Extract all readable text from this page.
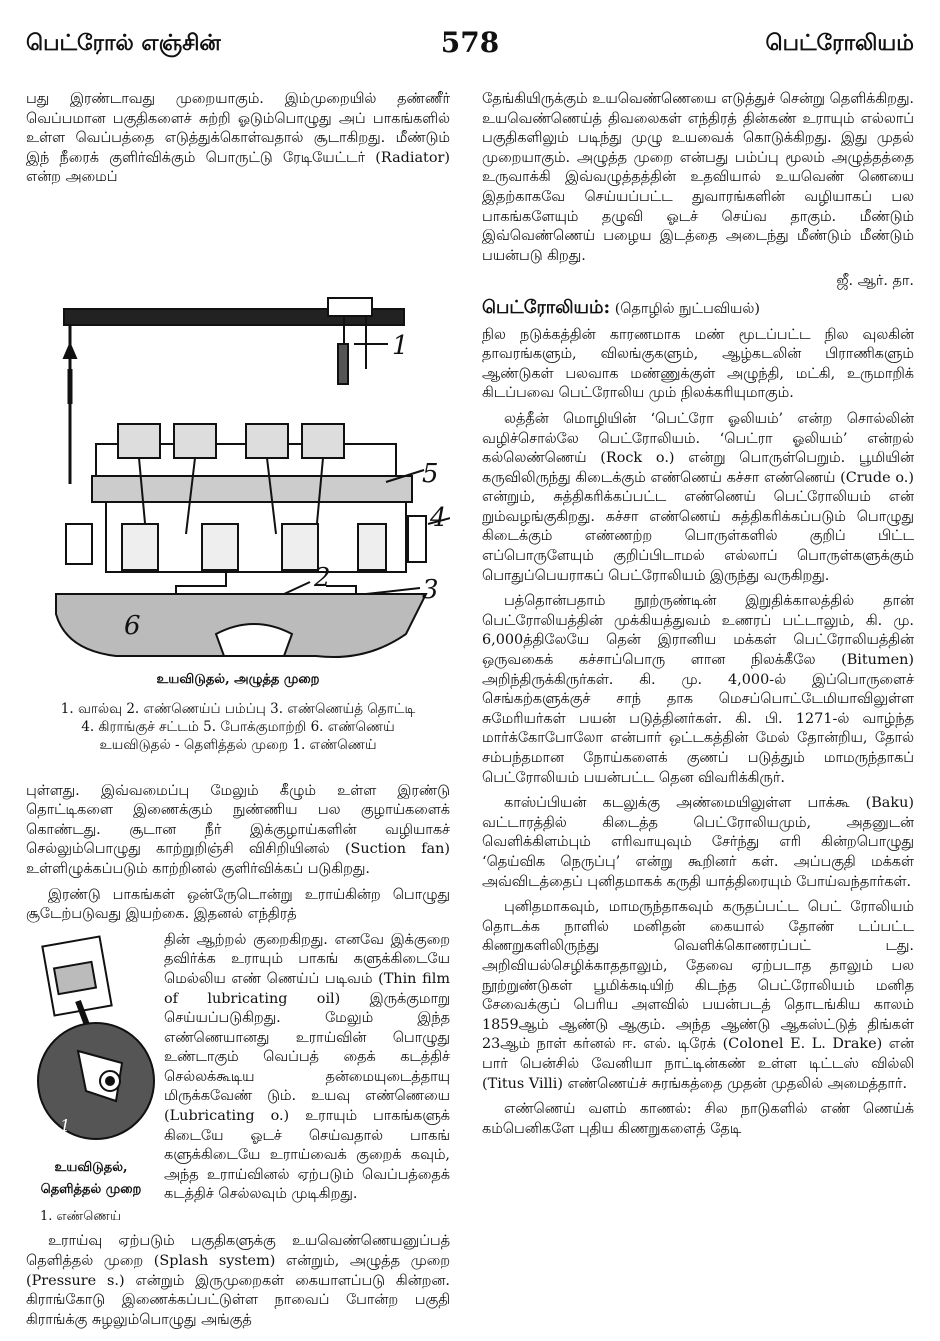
பெட்ரோல் எஞ்சின்	578	பெட்ரோலியம்

பது இரண்டாவது முறையாகும். இம்முறையில் தண்ணீர் வெப்பமான பகுதிகளைச் சுற்றி ஓடும்பொழுது அப் பாகங்களில் உள்ள வெப்பத்தை எடுத்துக்கொள்வதால் சூடாகிறது. மீண்டும் இந் நீரைக் குளிர்விக்கும் பொருட்டு ரேடியேட்டர் (Radiator) என்ற அமைப்

1
2	3
4
5
6
உயவிடுதல், அழுத்த முறை
1. வால்வு 2. எண்ணெய்ப் பம்ப்பு 3. எண்ணெய்த் தொட்டி
4. கிராங்குச் சட்டம் 5. போக்குமாற்றி 6. எண்ணெய்
உயவிடுதல் - தெளித்தல் முறை 1. எண்ணெய்

புள்ளது. இவ்வமைப்பு மேலும் கீழும் உள்ள இரண்டு தொட்டிகளை இணைக்கும் நுண்ணிய பல குழாய்களைக் கொண்டது. சூடான நீர் இக்குழாய்களின் வழியாகச் செல்லும்பொழுது காற்றுறிஞ்சி விசிறியினல் (Suction fan) உள்ளிழுக்கப்படும் காற்றினல் குளிர்விக்கப் படுகிறது.

இரண்டு பாகங்கள் ஒன்ருேடொன்று உராய்கின்ற பொழுது சூடேற்படுவது இயற்கை. இதனல் எந்திரத்

1
உயவிடுதல்,
தெளித்தல் முறை
1. எண்ணெய்
தின் ஆற்றல் குறைகிறது. எனவே இக்குறை தவிர்க்க உராயும் பாகங் களுக்கிடையே மெல்லிய எண் ணெய்ப் படிவம் (Thin film of lubricating oil) இருக்குமாறு செய்யப்படுகிறது. மேலும் இந்த எண்ணெயானது உராய்வின் பொழுது உண்டாகும் வெப்பத் தைக் கடத்திச் செல்லக்கூடிய தன்மையுடைத்தாயு மிருக்கவேண் டும். உயவு எண்ணெயை (Lubricating o.) உராயும் பாகங்களுக் கிடையே ஓடச் செய்வதால் பாகங் களுக்கிடையே உராய்வைக் குறைக் கவும், அந்த உராய்வினல் ஏற்படும் வெப்பத்தைக் கடத்திச் செல்லவும் முடிகிறது.

உராய்வு ஏற்படும் பகுதிகளுக்கு உயவெண்ணெயனுப்பத் தெளித்தல் முறை (Splash system) என்றும், அழுத்த முறை (Pressure s.) என்றும் இருமுறைகள் கையாளப்படு கின்றன. கிராங்கோடு இணைக்கப்பட்டுள்ள நாவைப் போன்ற பகுதி கிராங்க்கு சுழலும்பொழுது அங்குத்

தேங்கியிருக்கும் உயவெண்ணெயை எடுத்துச் சென்று தெளிக்கிறது. உயவெண்ணெய்த் திவலைகள் எந்திரத் தின்கண் உராயும் எல்லாப் பகுதிகளிலும் படிந்து முழு உயவைக் கொடுக்கிறது. இது முதல் முறையாகும். அழுத்த முறை என்பது பம்ப்பு மூலம் அழுத்தத்தை உருவாக்கி இவ்வழுத்தத்தின் உதவியால் உயவெண் ணெயை இதற்காகவே செய்யப்பட்ட துவாரங்களின் வழியாகப் பல பாகங்களேயும் தழுவி ஓடச் செய்வ தாகும். மீண்டும் இவ்வெண்ணெய் பழைய இடத்தை அடைந்து மீண்டும் மீண்டும் பயன்படு கிறது.

ஜீ. ஆர். தா.

பெட்ரோலியம்: (தொழில் நுட்பவியல்)

நில நடுக்கத்தின் காரணமாக மண் மூடப்பட்ட நில வுலகின் தாவரங்களும், விலங்குகளும், ஆழ்கடலின் பிராணிகளும் ஆண்டுகள் பலவாக மண்ணுக்குள் அழுந்தி, மட்கி, உருமாறிக் கிடப்பவை பெட்ரோலிய மும் நிலக்கரியுமாகும்.

லத்தீன் மொழியின் ‘பெட்ரோ ஓலியம்’ என்ற சொல்லின் வழிச்சொல்லே பெட்ரோலியம். ‘பெட்ரா ஓலியம்’ என்றல் கல்லெண்ணெய் (Rock o.) என்று பொருள்பெறும். பூமியின் கருவிலிருந்து கிடைக்கும் எண்ணெய் கச்சா எண்ணெய் (Crude o.) என்றும், சுத்திகரிக்கப்பட்ட எண்ணெய் பெட்ரோலியம் என் றும்வழங்குகிறது. கச்சா எண்ணெய் சுத்திகரிக்கப்படும் பொழுது கிடைக்கும் எண்ணற்ற பொருள்களில் குறிப் பிட்ட எப்பொருளேயும் குறிப்பிடாமல் எல்லாப் பொருள்களுக்கும் பொதுப்பெயராகப் பெட்ரோலியம் இருந்து வருகிறது.

பத்தொன்பதாம் நூற்ருண்டின் இறுதிக்காலத்தில் தான் பெட்ரோலியத்தின் முக்கியத்துவம் உணரப் பட்டாலும், கி. மு. 6,000த்திலேயே தென் இரானிய மக்கள் பெட்ரோலியத்தின் ஒருவகைக் கச்சாப்பொரு ளான நிலக்கீலே (Bitumen) அறிந்திருக்கிருர்கள். கி. மு. 4,000-ல் இப்பொருளைச் செங்கற்களுக்குச் சாந் தாக மெசப்பொட்டேமியாவிலுள்ள சுமேரியர்கள் பயன் படுத்தினர்கள். கி. பி. 1271-ல் வாழ்ந்த மார்க்கோபோலோ என்பார் ஒட்டகத்தின் மேல் தோன்றிய, தோல் சம்பந்தமான நோய்களைக் குணப் படுத்தும் மாமருந்தாகப் பெட்ரோலியம் பயன்பட்ட தென விவரிக்கிருர்.

காஸ்ப்பியன் கடலுக்கு அண்மையிலுள்ள பாக்கூ (Baku) வட்டாரத்தில் கிடைத்த பெட்ரோலியமும், அதனுடன் வெளிக்கிளம்பும் எரிவாயுவும் சேர்ந்து எரி கின்றபொழுது ‘தெய்விக நெருப்பு’ என்று கூறினர் கள். அப்பகுதி மக்கள் அவ்விடத்தைப் புனிதமாகக் கருதி யாத்திரையும் போய்வந்தார்கள்.

புனிதமாகவும், மாமருந்தாகவும் கருதப்பட்ட பெட் ரோலியம் தொடக்க நாளில் மனிதன் கையால் தோண் டப்பட்ட கிணறுகளிலிருந்து வெளிக்கொணரப்பட் டது. அறிவியல்செழிக்காததாலும், தேவை ஏற்படாத தாலும் பல நூற்றுண்டுகள் பூமிக்கடியிற் கிடந்த பெட்ரோலியம் மனித சேவைக்குப் பெரிய அளவில் பயன்படத் தொடங்கிய காலம் 1859ஆம் ஆண்டு ஆகும். அந்த ஆண்டு ஆகஸ்ட்டுத் திங்கள் 23ஆம் நாள் கர்னல் ஈ. எல். டிரேக் (Colonel E. L. Drake) என் பார் பென்சில் வேனியா நாட்டின்கண் உள்ள டிட்டஸ் வில்லி (Titus Villi) எண்ணெய்ச் சுரங்கத்தை முதன் முதலில் அமைத்தார்.

எண்ணெய் வளம் காணல்: சில நாடுகளில் எண் ணெய்க் கம்பெனிகளே புதிய கிணறுகளைத் தேடி
